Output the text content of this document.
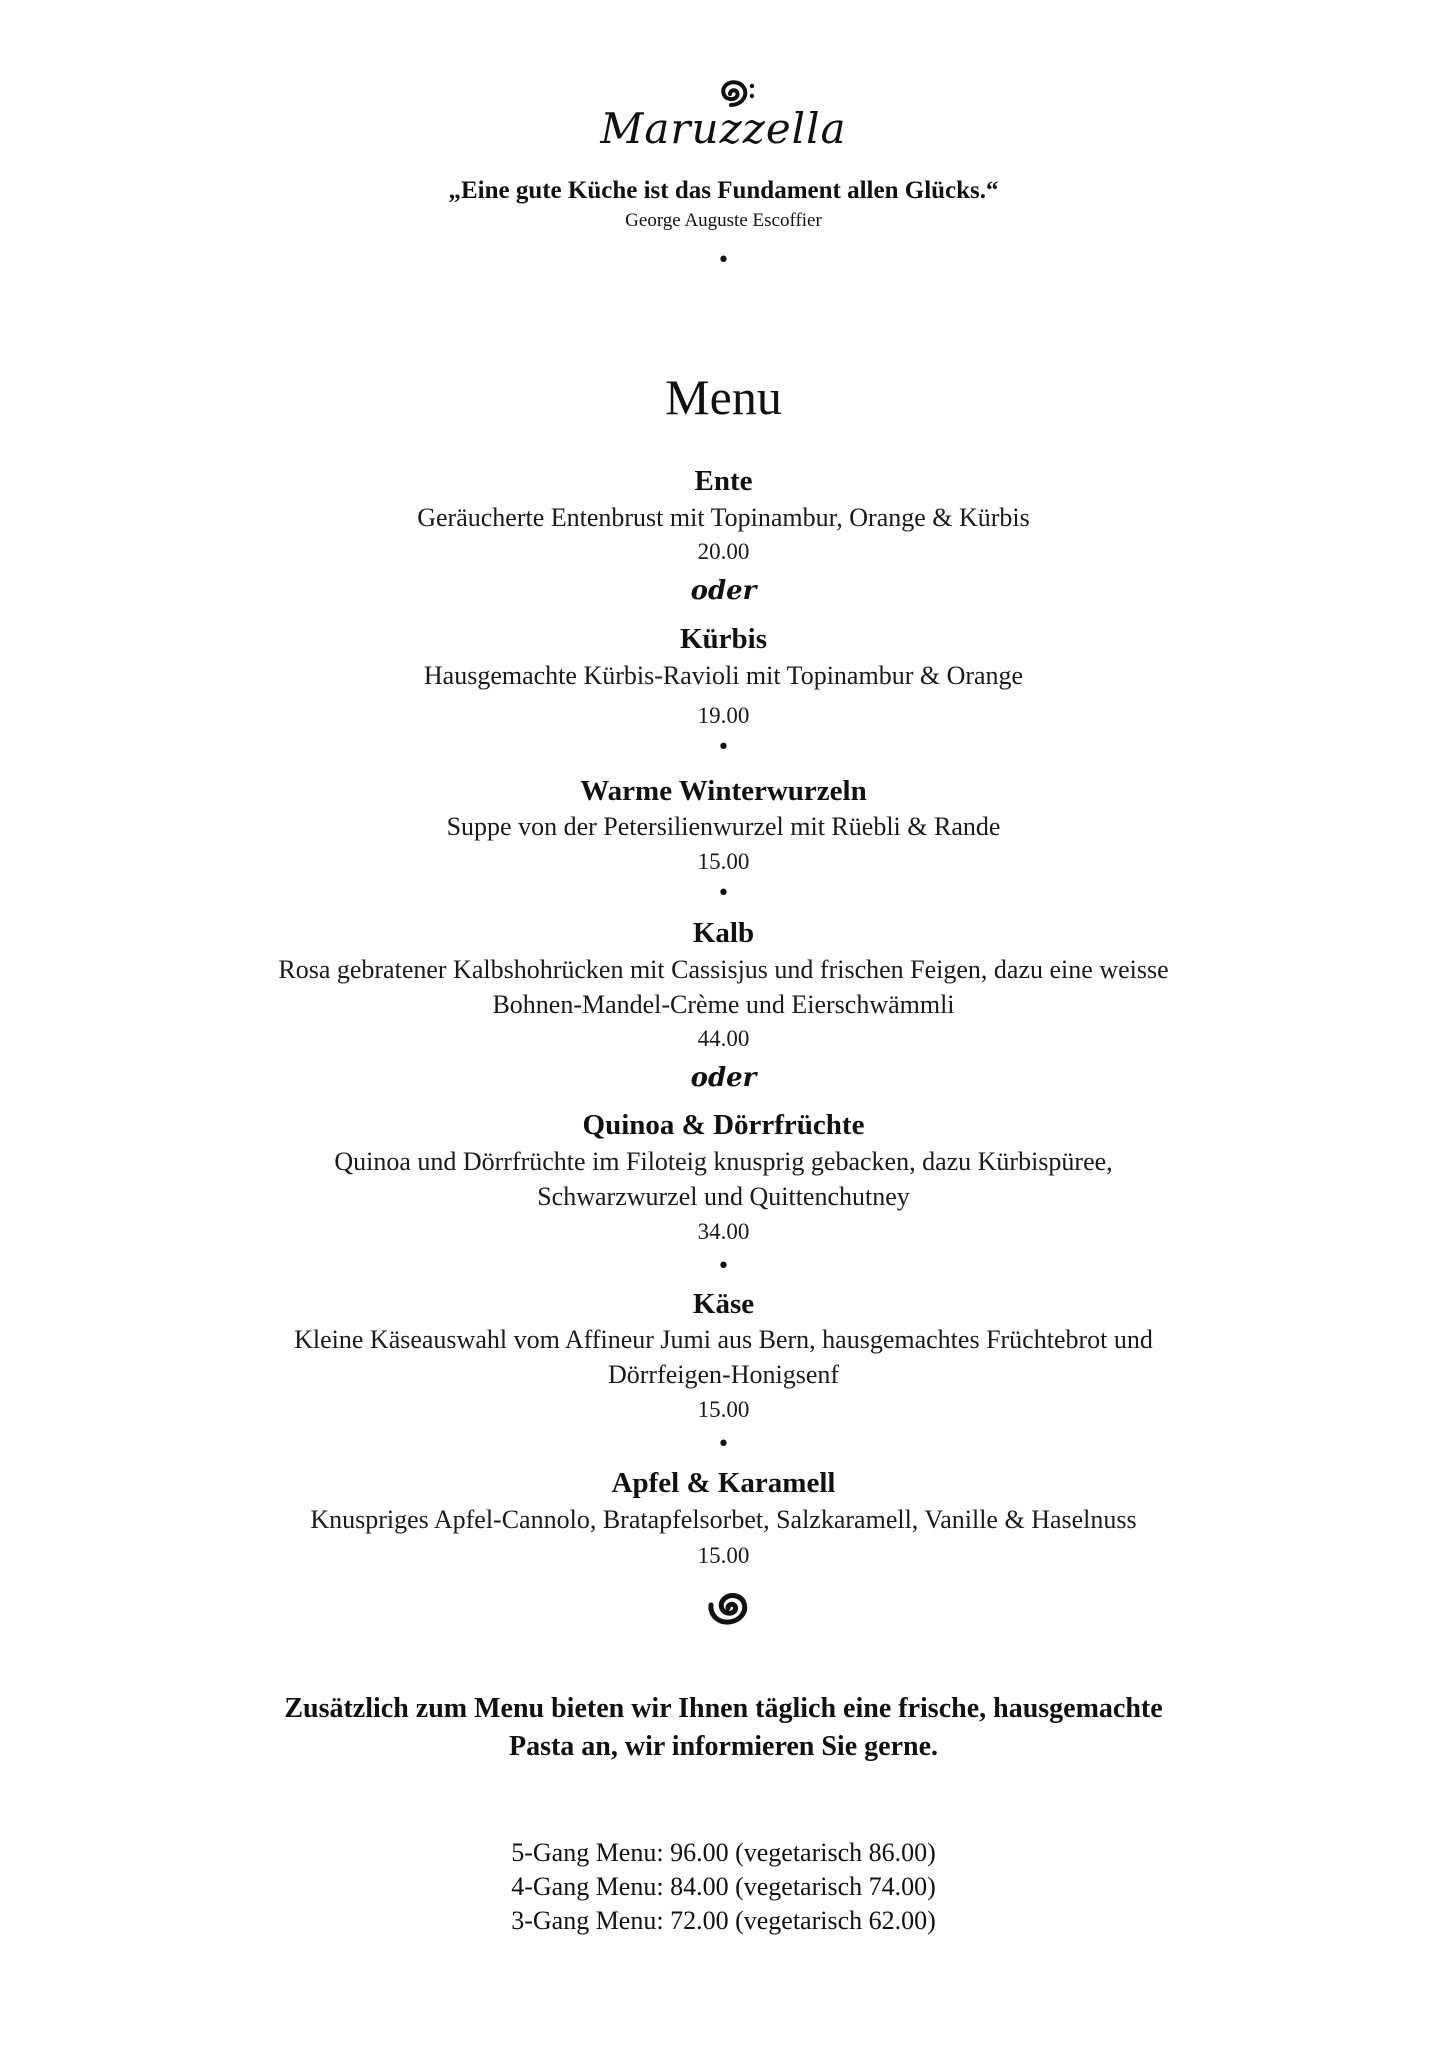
Maruzzella
„Eine gute Küche ist das Fundament allen Glücks.“
George Auguste Escoffier
•
Menu
Ente
Geräucherte Entenbrust mit Topinambur, Orange & Kürbis
20.00
oder
Kürbis
Hausgemachte Kürbis-Ravioli mit Topinambur & Orange
19.00
•
Warme Winterwurzeln
Suppe von der Petersilienwurzel mit Rüebli & Rande
15.00
•
Kalb
Rosa gebratener Kalbshohrücken mit Cassisjus und frischen Feigen, dazu eine weisse
Bohnen-Mandel-Crème und Eierschwämmli
44.00
oder
Quinoa & Dörrfrüchte
Quinoa und Dörrfrüchte im Filoteig knusprig gebacken, dazu Kürbispüree,
Schwarzwurzel und Quittenchutney
34.00
•
Käse
Kleine Käseauswahl vom Affineur Jumi aus Bern, hausgemachtes Früchtebrot und
Dörrfeigen-Honigsenf
15.00
•
Apfel & Karamell
Knuspriges Apfel-Cannolo, Bratapfelsorbet, Salzkaramell, Vanille & Haselnuss
15.00
Zusätzlich zum Menu bieten wir Ihnen täglich eine frische, hausgemachte
Pasta an, wir informieren Sie gerne.
5-Gang Menu: 96.00 (vegetarisch 86.00)
4-Gang Menu: 84.00 (vegetarisch 74.00)
3-Gang Menu: 72.00 (vegetarisch 62.00)
